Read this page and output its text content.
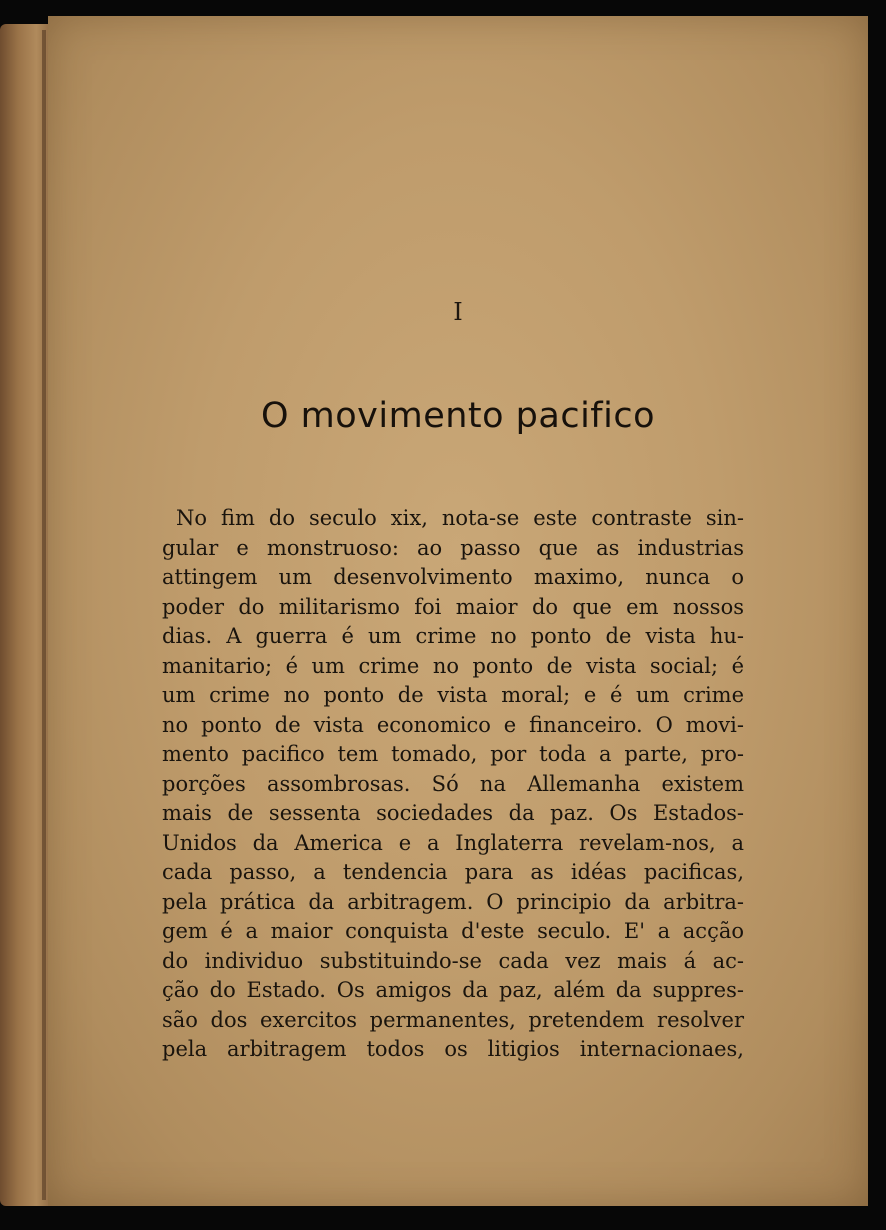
I
O movimento pacifico
No fim do seculo xix, nota-se este contraste sin-
gular e monstruoso: ao passo que as industrias
attingem um desenvolvimento maximo, nunca o
poder do militarismo foi maior do que em nossos
dias. A guerra é um crime no ponto de vista hu-
manitario; é um crime no ponto de vista social; é
um crime no ponto de vista moral; e é um crime
no ponto de vista economico e financeiro. O movi-
mento pacifico tem tomado, por toda a parte, pro-
porções assombrosas. Só na Allemanha existem
mais de sessenta sociedades da paz. Os Estados-
Unidos da America e a Inglaterra revelam-nos, a
cada passo, a tendencia para as idéas pacificas,
pela prática da arbitragem. O principio da arbitra-
gem é a maior conquista d'este seculo. E' a acção
do individuo substituindo-se cada vez mais á ac-
ção do Estado. Os amigos da paz, além da suppres-
são dos exercitos permanentes, pretendem resolver
pela arbitragem todos os litigios internacionaes,
